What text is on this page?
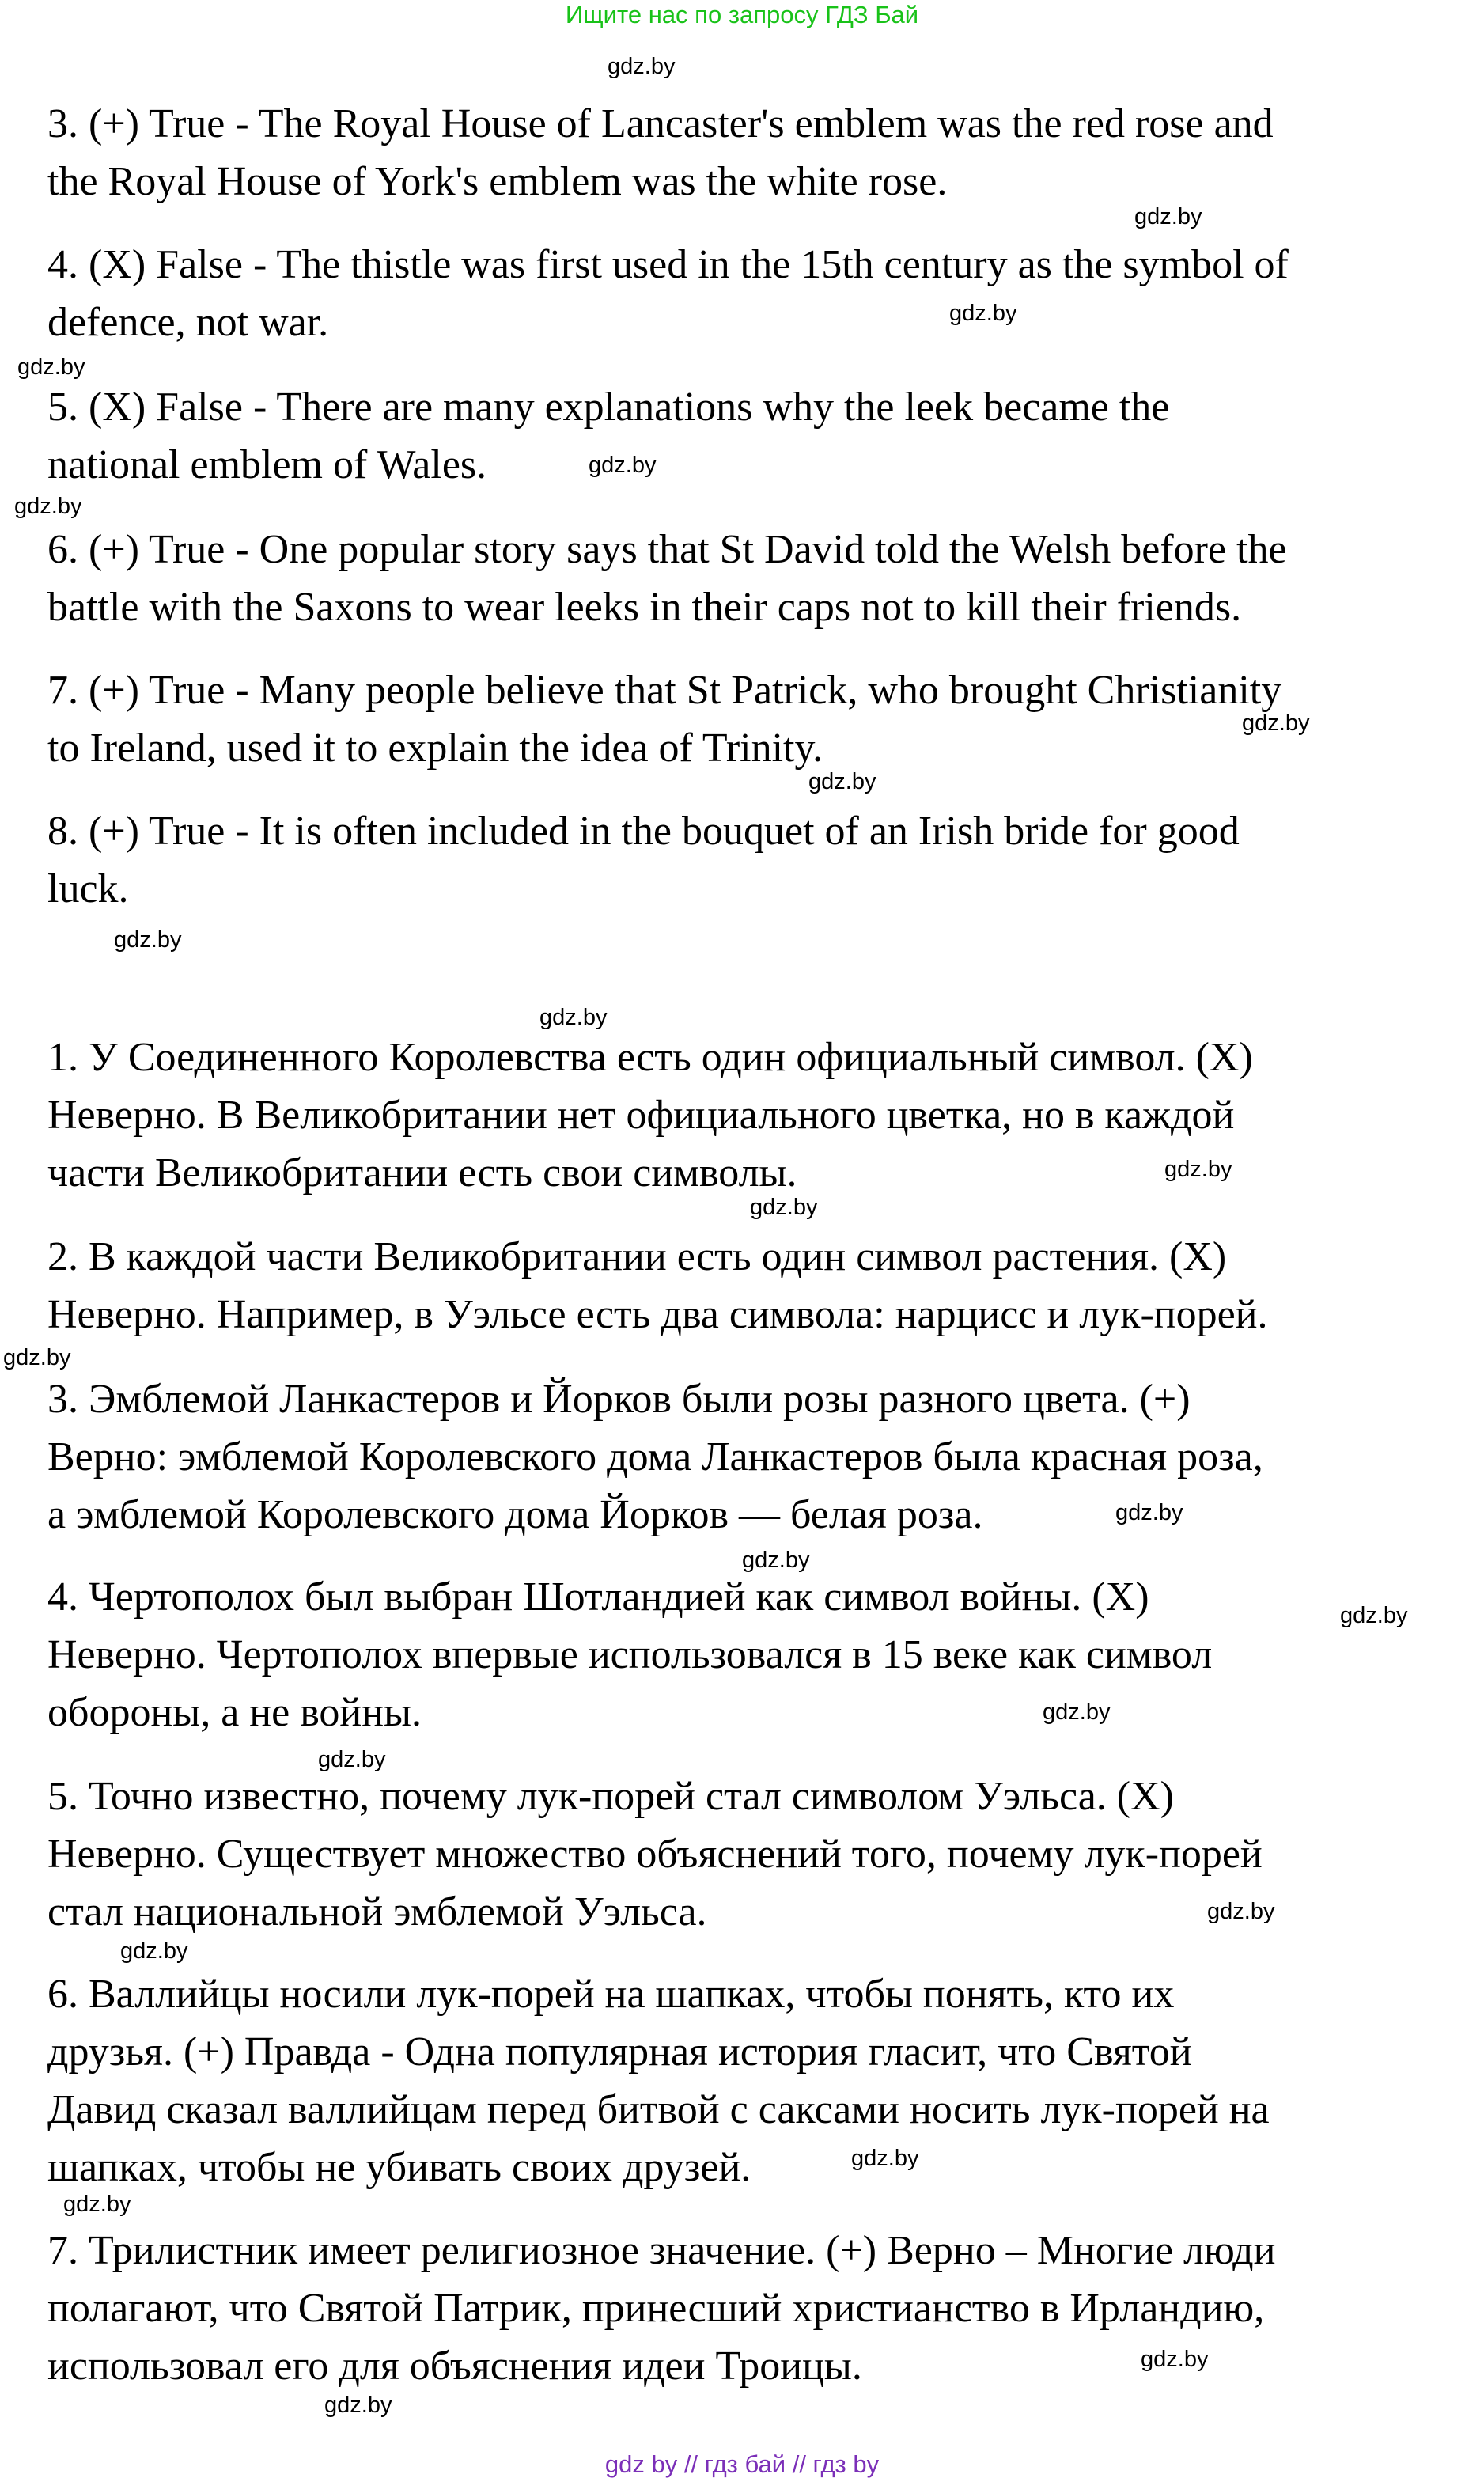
Ищите нас по запросу ГДЗ Бай
3. (+) True - The Royal House of Lancaster's emblem was the red rose and
the Royal House of York's emblem was the white rose.
4. (X) False - The thistle was first used in the 15th century as the symbol of
defence, not war.
5. (X) False - There are many explanations why the leek became the
national emblem of Wales.
6. (+) True - One popular story says that St David told the Welsh before the
battle with the Saxons to wear leeks in their caps not to kill their friends.
7. (+) True - Many people believe that St Patrick, who brought Christianity
to Ireland, used it to explain the idea of Trinity.
8. (+) True - It is often included in the bouquet of an Irish bride for good
luck.
1. У Соединенного Королевства есть один официальный символ. (X)
Неверно. В Великобритании нет официального цветка, но в каждой
части Великобритании есть свои символы.
2. В каждой части Великобритании есть один символ растения. (X)
Неверно. Например, в Уэльсе есть два символа: нарцисс и лук-порей.
3. Эмблемой Ланкастеров и Йорков были розы разного цвета. (+)
Верно: эмблемой Королевского дома Ланкастеров была красная роза,
а эмблемой Королевского дома Йорков — белая роза.
4. Чертополох был выбран Шотландией как символ войны. (X)
Неверно. Чертополох впервые использовался в 15 веке как символ
обороны, а не войны.
5. Точно известно, почему лук-порей стал символом Уэльса. (X)
Неверно. Существует множество объяснений того, почему лук-порей
стал национальной эмблемой Уэльса.
6. Валлийцы носили лук-порей на шапках, чтобы понять, кто их
друзья. (+) Правда - Одна популярная история гласит, что Святой
Давид сказал валлийцам перед битвой с саксами носить лук-порей на
шапках, чтобы не убивать своих друзей.
7. Трилистник имеет религиозное значение. (+) Верно – Многие люди
полагают, что Святой Патрик, принесший христианство в Ирландию,
использовал его для объяснения идеи Троицы.
gdz.by
gdz.by
gdz.by
gdz.by
gdz.by
gdz.by
gdz.by
gdz.by
gdz.by
gdz.by
gdz.by
gdz.by
gdz.by
gdz.by
gdz.by
gdz.by
gdz.by
gdz.by
gdz.by
gdz.by
gdz.by
gdz.by
gdz.by
gdz.by
gdz by // гдз бай // гдз by
